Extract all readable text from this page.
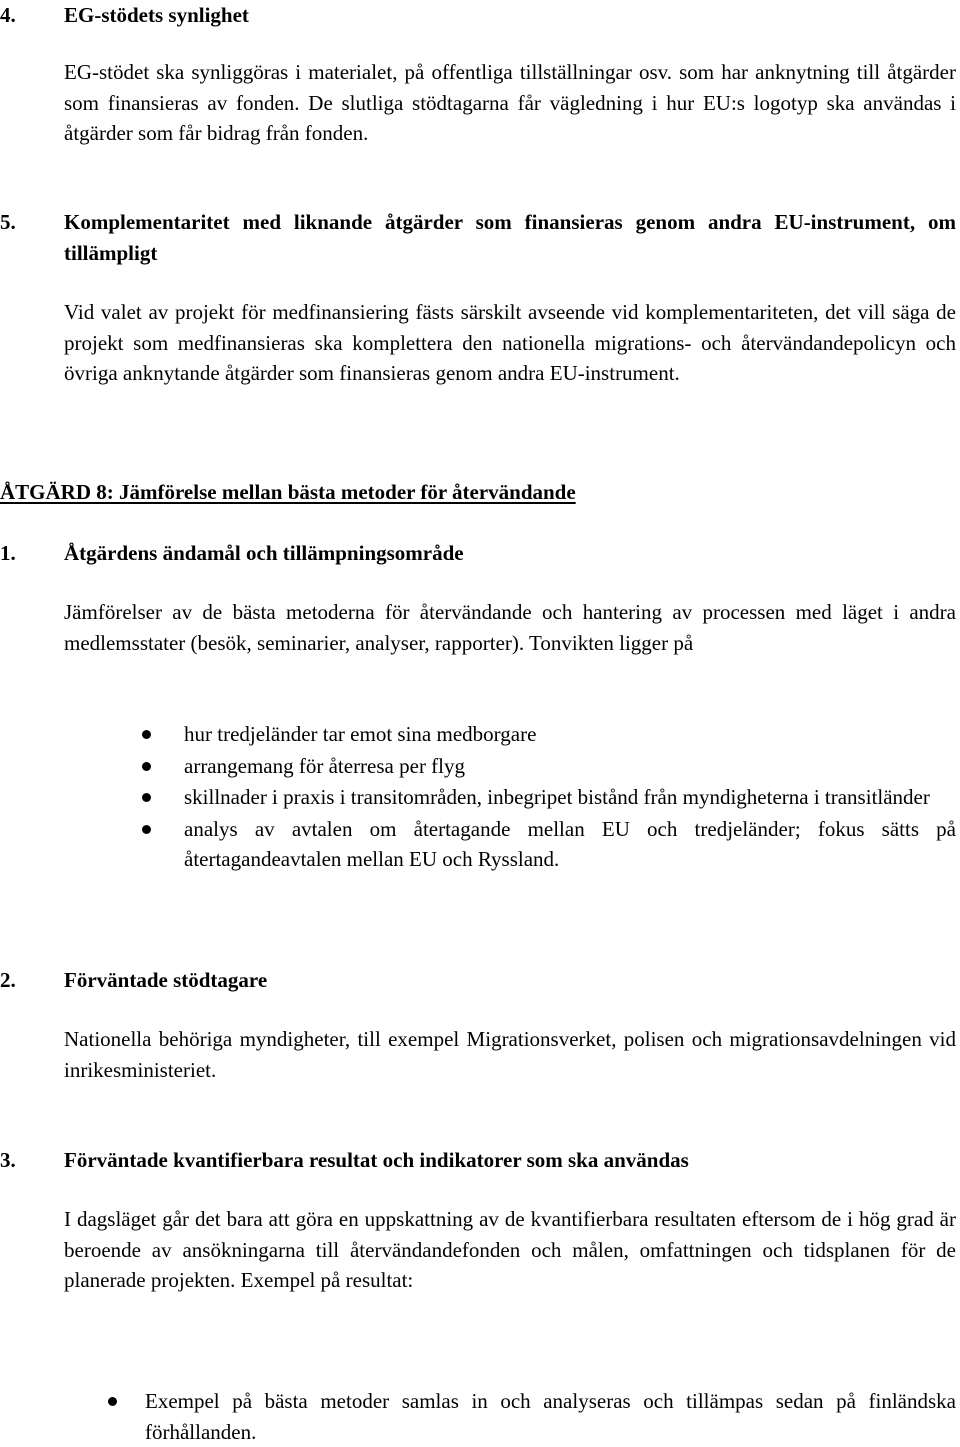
4. EG-stödets synlighet

EG-stödet ska synliggöras i materialet, på offentliga tillställningar osv. som har anknytning till åtgärder som finansieras av fonden. De slutliga stödtagarna får vägledning i hur EU:s logotyp ska användas i åtgärder som får bidrag från fonden.

5. Komplementaritet med liknande åtgärder som finansieras genom andra EU-instrument, om tillämpligt

Vid valet av projekt för medfinansiering fästs särskilt avseende vid komplementariteten, det vill säga de projekt som medfinansieras ska komplettera den nationella migrations- och återvändandepolicyn och övriga anknytande åtgärder som finansieras genom andra EU-instrument.

ÅTGÄRD 8: Jämförelse mellan bästa metoder för återvändande

1. Åtgärdens ändamål och tillämpningsområde

Jämförelser av de bästa metoderna för återvändande och hantering av processen med läget i andra medlemsstater (besök, seminarier, analyser, rapporter). Tonvikten ligger på

hur tredjeländer tar emot sina medborgare
arrangemang för återresa per flyg
skillnader i praxis i transitområden, inbegripet bistånd från myndigheterna i transitländer
analys av avtalen om återtagande mellan EU och tredjeländer; fokus sätts på återtagandeavtalen mellan EU och Ryssland.
2. Förväntade stödtagare

Nationella behöriga myndigheter, till exempel Migrationsverket, polisen och migrationsavdelningen vid inrikesministeriet.

3. Förväntade kvantifierbara resultat och indikatorer som ska användas

I dagsläget går det bara att göra en uppskattning av de kvantifierbara resultaten eftersom de i hög grad är beroende av ansökningarna till återvändandefonden och målen, omfattningen och tidsplanen för de planerade projekten. Exempel på resultat:

Exempel på bästa metoder samlas in och analyseras och tillämpas sedan på finländska förhållanden.
